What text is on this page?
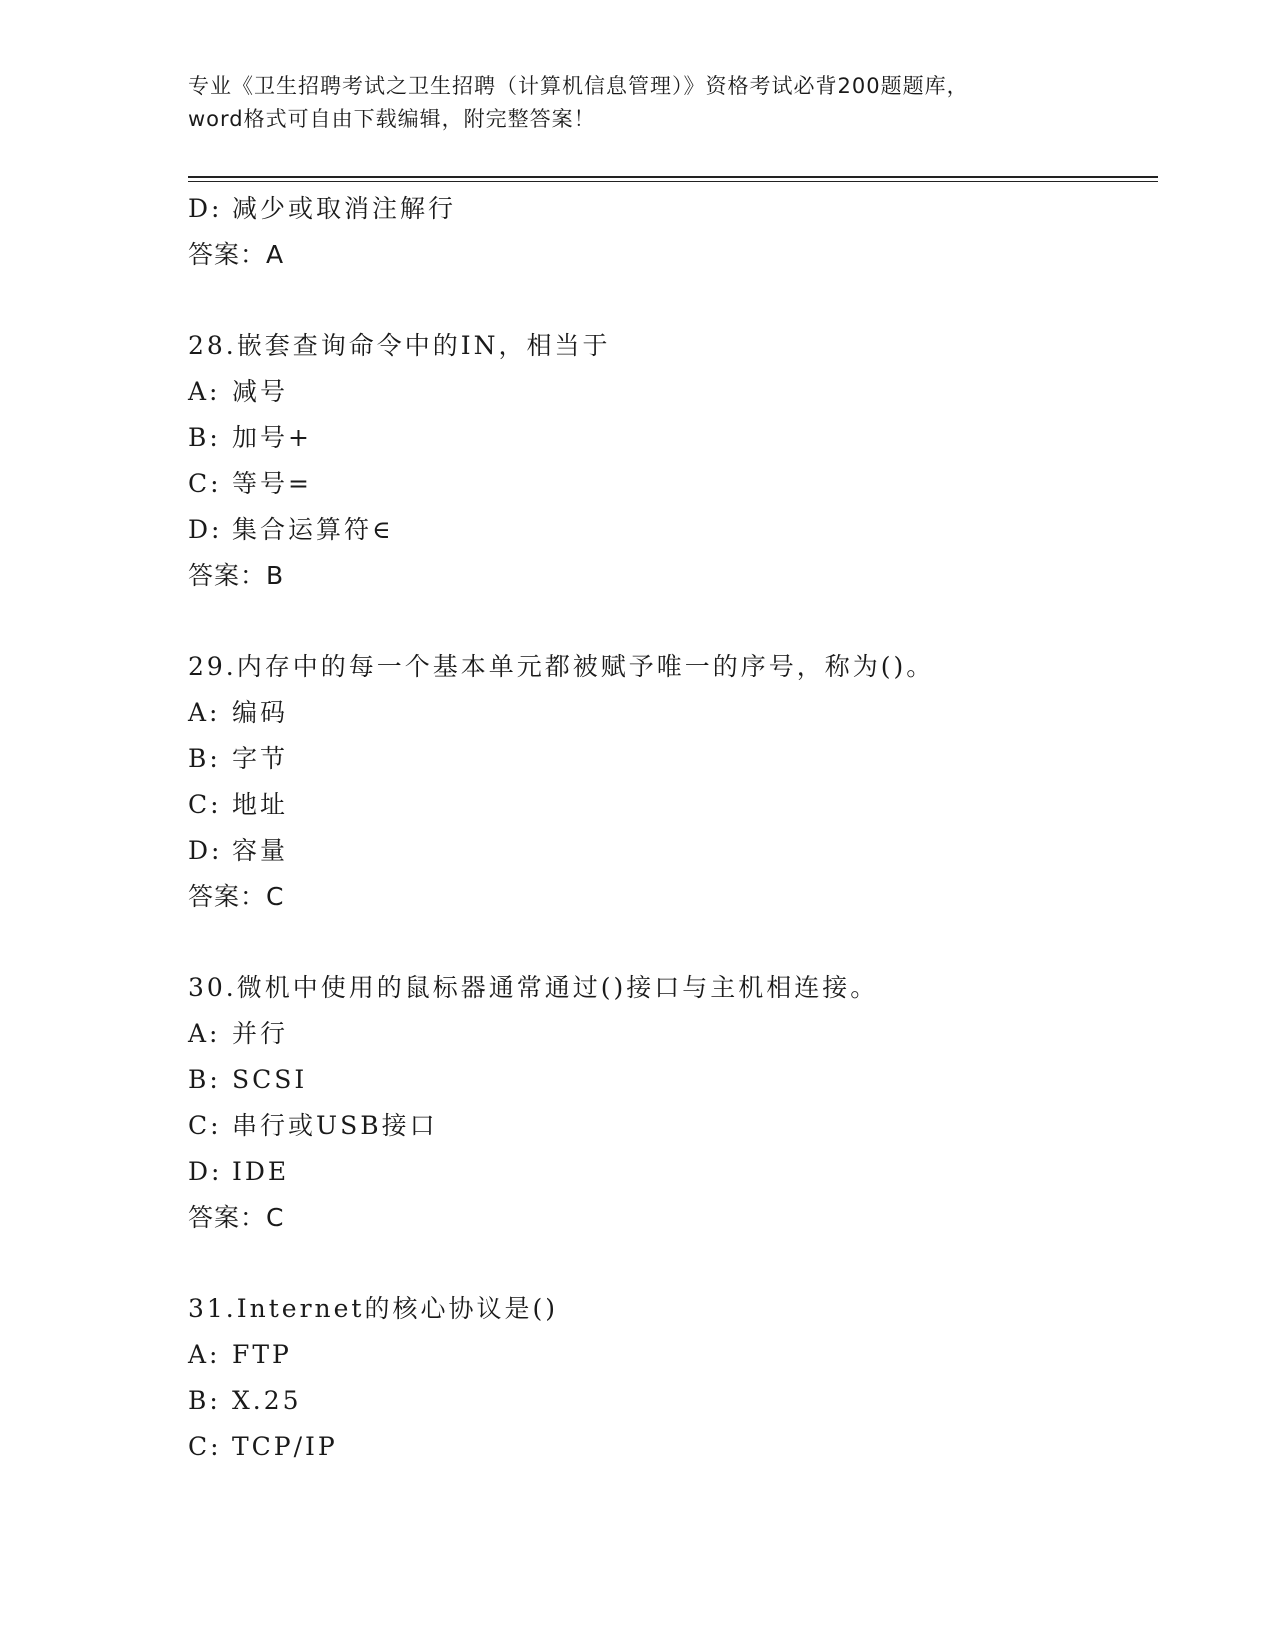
专业《卫生招聘考试之卫生招聘（计算机信息管理）》资格考试必背200题题库，
word格式可自由下载编辑，附完整答案！
D: 减少或取消注解行
答案：A
28.嵌套查询命令中的IN，相当于
A: 减号
B: 加号+
C: 等号=
D: 集合运算符∈
答案：B
29.内存中的每一个基本单元都被赋予唯一的序号，称为()。
A: 编码
B: 字节
C: 地址
D: 容量
答案：C
30.微机中使用的鼠标器通常通过()接口与主机相连接。
A: 并行
B: SCSI
C: 串行或USB接口
D: IDE
答案：C
31.Internet的核心协议是()
A: FTP
B: X.25
C: TCP/IP
